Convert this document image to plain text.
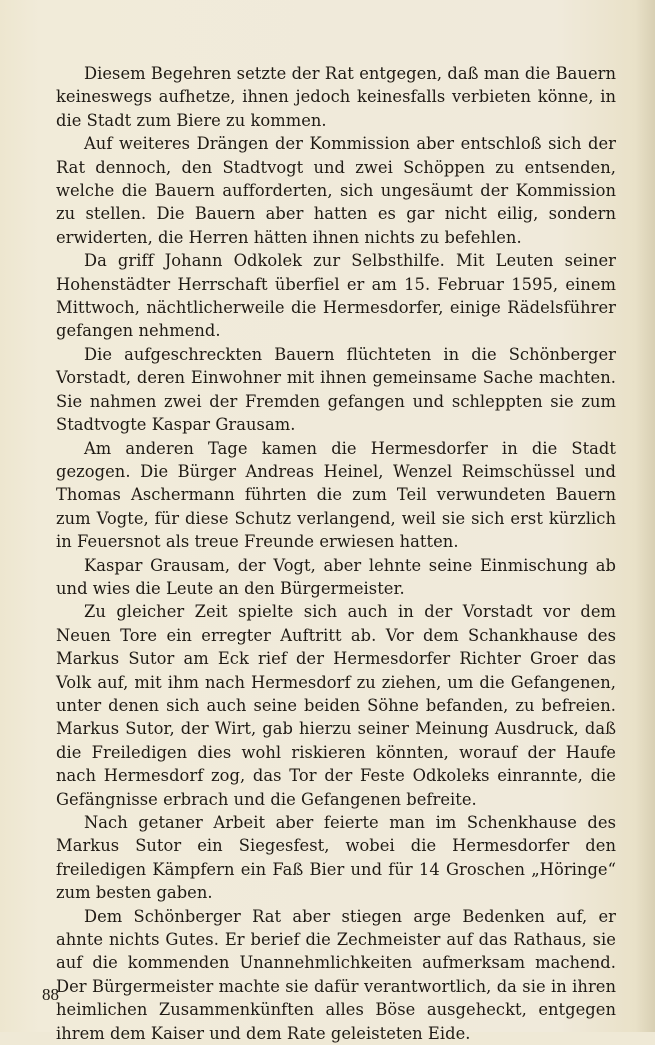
Diesem Begehren setzte der Rat entgegen, daß man die Bauern keineswegs aufhetze, ihnen jedoch keinesfalls verbieten könne, in die Stadt zum Biere zu kommen.

Auf weiteres Drängen der Kommission aber entschloß sich der Rat dennoch, den Stadtvogt und zwei Schöppen zu entsenden, welche die Bauern aufforderten, sich ungesäumt der Kommission zu stellen. Die Bauern aber hatten es gar nicht eilig, sondern erwiderten, die Herren hätten ihnen nichts zu befehlen.

Da griff Johann Odkolek zur Selbsthilfe. Mit Leuten seiner Hohenstädter Herrschaft überfiel er am 15. Februar 1595, einem Mittwoch, nächtlicherweile die Hermesdorfer, einige Rädelsführer gefangen nehmend.

Die aufgeschreckten Bauern flüchteten in die Schönberger Vorstadt, deren Einwohner mit ihnen gemeinsame Sache machten. Sie nahmen zwei der Fremden gefangen und schleppten sie zum Stadtvogte Kaspar Grausam.

Am anderen Tage kamen die Hermesdorfer in die Stadt gezogen. Die Bürger Andreas Heinel, Wenzel Reimschüssel und Thomas Aschermann führten die zum Teil verwundeten Bauern zum Vogte, für diese Schutz verlangend, weil sie sich erst kürzlich in Feuersnot als treue Freunde erwiesen hatten.

Kaspar Grausam, der Vogt, aber lehnte seine Einmischung ab und wies die Leute an den Bürgermeister.

Zu gleicher Zeit spielte sich auch in der Vorstadt vor dem Neuen Tore ein erregter Auftritt ab. Vor dem Schankhause des Markus Sutor am Eck rief der Hermesdorfer Richter Groer das Volk auf, mit ihm nach Hermesdorf zu ziehen, um die Gefangenen, unter denen sich auch seine beiden Söhne befanden, zu befreien. Markus Sutor, der Wirt, gab hierzu seiner Meinung Ausdruck, daß die Freiledigen dies wohl riskieren könnten, worauf der Haufe nach Hermesdorf zog, das Tor der Feste Odkoleks einrannte, die Gefängnisse erbrach und die Gefangenen befreite.

Nach getaner Arbeit aber feierte man im Schenkhause des Markus Sutor ein Siegesfest, wobei die Hermesdorfer den freiledigen Kämpfern ein Faß Bier und für 14 Groschen „Höringe“ zum besten gaben.

Dem Schönberger Rat aber stiegen arge Bedenken auf, er ahnte nichts Gutes. Er berief die Zechmeister auf das Rathaus, sie auf die kommenden Unannehmlichkeiten aufmerksam machend. Der Bürgermeister machte sie dafür verantwortlich, da sie in ihren heimlichen Zusammenkünften alles Böse ausgeheckt, entgegen ihrem dem Kaiser und dem Rate geleisteten Eide.

88
